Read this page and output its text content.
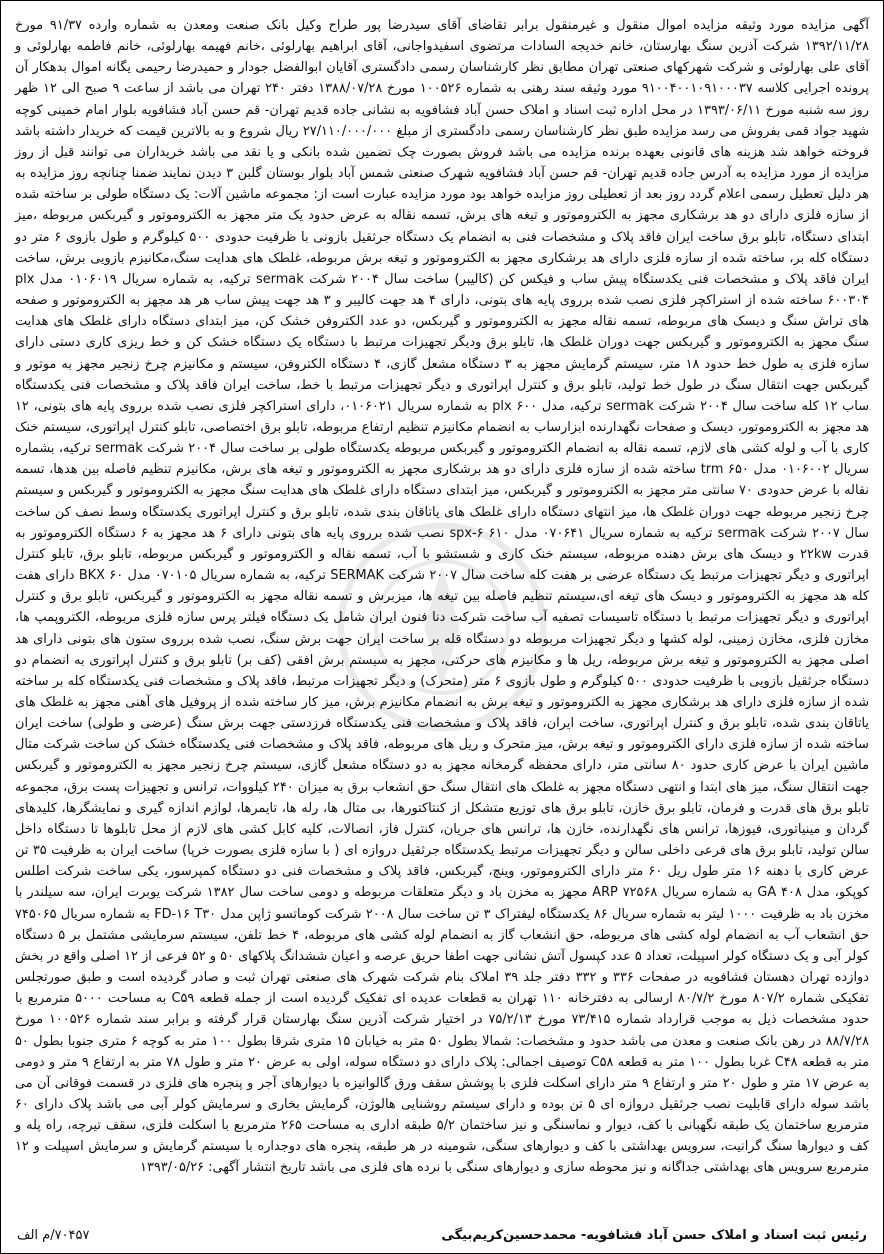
آگهی مزایده مورد وثیقه مزایده اموال منقول و غیرمنقول برابر تقاضای آقای سیدرضا پور طراح وکیل بانک صنعت ومعدن به شماره وارده ۹۱/۳۷ مورخ ۱۳۹۲/۱۱/۲۸ شرکت آذرین سنگ بهارستان، خانم خدیجه السادات مرتضوی اسفیدواجانی، آقای ابراهیم بهارلوئی ،خانم فهیمه بهارلوئی، خانم فاطمه بهارلوئی و آقای علی بهارلوئی و شرکت شهرکهای صنعتی تهران مطابق نظر کارشناسان رسمی دادگستری آقایان ابوالفضل جودار و حمیدرضا رحیمی یگانه اموال بدهکار آن پرونده اجرایی کلاسه ۹۱۰۰۴۰۰۱۰۹۱۰۰۰۳۷ مورد وثیقه سند رهنی به شماره ۱۰۰۵۲۶ مورخ ۱۳۸۸/۰۷/۲۸ دفتر ۲۴۰ تهران می باشد از ساعت ۹ صبح الی ۱۲ ظهر روز سه شنبه مورخ ۱۳۹۳/۰۶/۱۱ در محل اداره ثبت اسناد و املاک حسن آباد فشافویه به نشانی جاده قدیم تهران- قم حسن آباد فشافویه بلوار امام خمینی کوچه شهید جواد قمی بفروش می رسد مزایده طبق نظر کارشناسان رسمی دادگستری از مبلغ ۲۷/۱۱۰/۰۰۰/۰۰۰ ریال شروع و به بالاترین قیمت که خریدار داشته باشد فروخته خواهد شد هزینه های قانونی بعهده برنده مزایده می باشد فروش بصورت چک تضمین شده بانکی و یا نقد می باشد خریداران می توانند قبل از روز مزایده از مورد مزایده به آدرس جاده قدیم تهران- قم حسن آباد فشافویه شهرک صنعتی شمس آباد بلوار بوستان گلبن ۳ دیدن نمایند ضمنا چنانچه روز مزایده به هر دلیل تعطیل رسمی اعلام گردد روز بعد از تعطیلی روز مزایده خواهد بود مورد مزایده عبارت است از: مجموعه ماشین آلات: یک دستگاه طولی بر ساخته شده از سازه فلزی دارای دو هد برشکاری مجهز به الکتروموتور و تیغه های برش، تسمه نقاله به عرض حدود یک متر مجهز به الکتروموتور و گیربکس مربوطه ،میز ابتدای دستگاه، تابلو برق ساخت ایران فاقد پلاک و مشخصات فنی به انضمام یک دستگاه جرثقیل بازونی با ظرفیت حدودی ۵۰۰ کیلوگرم و طول بازوی ۶ متر دو دستگاه کله بر، ساخته شده از سازه فلزی دارای هد برشکاری مجهز به الکتروموتور و تیغه برش مربوطه، غلطک های هدایت سنگ،مکانیزم بازویی برش، ساخت ایران فاقد پلاک و مشخصات فنی یکدستگاه پیش ساب و فیکس کن (کالیبر) ساخت سال ۲۰۰۴ شرکت sermak ترکیه، به شماره سریال ۰۱۰۶۰۱۹ مدل plx ۶۰۰۳۰۴ ساخته شده از استراکچر فلزی نصب شده برروی پایه های بتونی، دارای ۴ هد جهت کالیبر و ۳ هد جهت پیش ساب هر هد مجهز به الکتروموتور و صفحه های تراش سنگ و دیسک های مربوطه، تسمه نقاله مجهز به الکتروموتور و گیربکس، دو عدد الکتروفن خشک کن، میز ابتدای دستگاه دارای غلطک های هدایت سنگ مجهز به الکتروموتور و گیربکس جهت دوران غلطک ها، تابلو برق ودیگر تجهیزات مرتبط با دستگاه یک دستگاه خشک کن و خط ریزی کاری دستی دارای سازه فلزی به طول خط حدود ۱۸ متر، سیستم گرمایش مجهز به ۳ دستگاه مشعل گازی، ۴ دستگاه الکتروفن، سیستم و مکانیزم چرخ زنجیر مجهز به موتور و گیربکس جهت انتقال سنگ در طول خط تولید، تابلو برق و کنترل اپراتوری و دیگر تجهیزات مرتبط با خط، ساخت ایران فاقد پلاک و مشخصات فنی یکدستگاه ساب ۱۲ کله ساخت سال ۲۰۰۴ شرکت sermak ترکیه، مدل plx ۶۰۰ به شماره سریال ۰۱۰۶۰۲۱، دارای استراکچر فلزی نصب شده برروی پایه های بتونی، ۱۲ هد مجهز به الکتروموتور، دیسک و صفحات نگهدارنده ابزارساب به انضمام مکانیزم تنظیم ارتفاع مربوطه، تابلو برق اختصاصی، تابلو کنترل اپراتوری، سیستم خنک کاری با آب و لوله کشی های لازم، تسمه نقاله به انضمام الکتروموتور و گیربکس مربوطه یکدستگاه طولی بر ساخت سال ۲۰۰۴ شرکت sermak ترکیه، بشماره سریال ۰۱۰۶۰۰۲ مدل trm ۶۵۰ ساخته شده از سازه فلزی دارای دو هد برشکاری مجهز به الکتروموتور و تیغه های برش، مکانیزم تنظیم فاصله بین هدها، تسمه نقاله با عرض حدودی ۷۰ سانتی متر مجهز به الکتروموتور و گیربکس، میز ابتدای دستگاه دارای غلطک های هدایت سنگ مجهز به الکتروموتور و گیربکس و سیستم چرخ زنجیر مربوطه جهت دوران غلطک ها، میز انتهای دستگاه دارای غلطک های یاتاقان بندی شده، تابلو برق و کنترل اپراتوری یکدستگاه وسط نصف کن ساخت سال ۲۰۰۷ شرکت sermak ترکیه به شماره سریال ۰۷۰۶۴۱ مدل spx-۶ ۶۱۰ نصب شده برروی پایه های بتونی دارای ۶ هد مجهز به ۶ دستگاه الکتروموتور به قدرت ۲۲kw و دیسک های برش دهنده مربوطه، سیستم خنک کاری و شستشو با آب، تسمه نقاله و الکتروموتور و گیربکس مربوطه، تابلو برق، تابلو کنترل اپراتوری و دیگر تجهیزات مرتبط یک دستگاه عرضی بر هفت کله ساخت سال ۲۰۰۷ شرکت SERMAK ترکیه، به شماره سریال ۰۷۰۱۰۵ مدل BKX ۶۰ دارای هفت کله هد مجهز به الکتروموتور و دیسک های تیغه ای،سیستم تنظیم فاصله بین تیغه ها، میزبرش و تسمه نقاله مجهز به الکتروموتور و گیربکس، تابلو برق و کنترل اپراتوری و دیگر تجهیزات مرتبط با دستگاه تاسیسات تصفیه آب ساخت شرکت دنا فنون ایران شامل یک دستگاه فیلتر پرس سازه فلزی مربوطه، الکتروپمپ ها، مخازن فلزی، مخازن زمینی، لوله کشها و دیگر تجهیزات مربوطه دو دستگاه قله بر ساخت ایران جهت برش سنگ، نصب شده برروی ستون های بتونی دارای هد اصلی مجهز به الکتروموتور و تیغه برش مربوطه، ریل ها و مکانیزم های حرکتی، مجهز به سیستم برش افقی (کف بر) تابلو برق و کنترل اپراتوری به انضمام دو دستگاه جرثقیل بازویی با ظرفیت حدودی ۵۰۰ کیلوگرم و طول بازوی ۶ متر (متحرک) و دیگر تجهیزات مرتبط، فاقد پلاک و مشخصات فنی یکدستگاه کله بر ساخته شده از سازه فلزی دارای هد برشکاری مجهز به الکتروموتور و تیغه برش به انضمام مکانیزم برش، میز کار ساخته شده از پروفیل های آهنی مجهز به غلطک های یاتاقان بندی شده، تابلو برق و کنترل اپراتوری، ساخت ایران، فاقد پلاک و مشخصات فنی یکدستگاه فرزدستی جهت برش سنگ (عرضی و طولی) ساخت ایران ساخته شده از سازه فلزی دارای الکتروموتور و تیغه برش، میز متحرک و ریل های مربوطه، فاقد پلاک و مشخصات فنی یکدستگاه خشک کن ساخت شرکت متال ماشین ایران با عرض کاری حدود ۸۰ سانتی متر، دارای محفظه گرمخانه مجهز به دو دستگاه مشعل گازی، سیستم چرخ زنجیر مجهز به الکتروموتور و گیربکس جهت انتقال سنگ، میز های ابتدا و انتهی دستگاه مجهز به غلطک های انتقال سنگ حق انشعاب برق به میزان ۲۴۰ کیلووات، ترانس و تجهیزات پست برق، مجموعه تابلو برق های قدرت و فرمان، تابلو برق خازن، تابلو برق های توزیع متشکل از کنتاکتورها، بی متال ها، رله ها، تایمرها، لوازم اندازه گیری و نمایشگرها، کلیدهای گردان و مینیاتوری، فیوزها، ترانس های نگهدارنده، خازن ها، ترانس های جریان، کنترل فاز، اتصالات، کلیه کابل کشی های لازم از محل تابلوها تا دستگاه داخل سالن تولید، تابلو برق های فرعی داخلی سالن و دیگر تجهیزات مرتبط یکدستگاه جرثقیل دروازه ای ( با سازه فلزی بصورت خرپا) ساخت ایران به ظرفیت ۳۵ تن عرض کاری با دهنه ۱۶ متر طول ریل ۶۰ متر دارای الکتروموتور، وینچ، گیربکس، فاقد پلاک و مشخصات فنی دو دستگاه کمپرسور، یکی ساخت شرکت اطلس کوپکو، مدل GA ۴۰۸ به شماره سریال ARP ۷۲۵۶۸ مجهز به مخزن باد و دیگر متعلقات مربوطه و دومی ساخت سال ۱۳۸۲ شرکت یوبرت ایران، سه سیلندر با مخزن باد به ظرفیت ۱۰۰۰ لیتر به شماره سریال ۸۶ یکدستگاه لیفتراک ۳ تن ساخت سال ۲۰۰۸ شرکت کوماتسو ژاپن مدل FD-۱۶ T۳۰ به شماره سریال ۷۴۵۰۶۵ حق انشعاب آب به انضمام لوله کشی های مربوطه، حق انشعاب گاز به انضمام لوله کشی های مربوطه، ۴ خط تلفن، سیستم سرمایشی مشتمل بر ۵ دستگاه کولر آبی و یک دستگاه کولر اسپیلت، تعداد ۵ عدد کپسول آتش نشانی جهت اطفا حریق عرصه و اعیان ششدانگ پلاکهای ۵۰ و ۵۲ فرعی از ۱۲ اصلی واقع در بخش دوازده تهران دهستان فشافویه در صفحات ۳۳۶ و ۳۳۲ دفتر جلد ۳۹ املاک بنام شرکت شهرک های صنعتی تهران ثبت و صادر گردیده است و طبق صورتجلس تفکیکی شماره ۸۰۷/۲ مورخ ۸۰/۷/۲ ارسالی به دفترخانه ۱۱۰ تهران به قطعات عدیده ای تفکیک گردیده است از جمله قطعه C۵۹ به مساحت ۵۰۰۰ مترمربع با حدود مشخصات ذیل به موجب قرارداد شماره ۷۳/۴۱۵ مورخ ۷۵/۲/۱۳ در اختیار شرکت آذرین سنگ بهارستان قرار گرفته و برابر سند شماره ۱۰۰۵۲۶ مورخ ۸۸/۷/۲۸ در رهن بانک صنعت و معدن می باشد حدود و مشخصات: شمالا بطول ۵۰ متر به خیابان ۱۵ متری شرقا بطول ۱۰۰ متر به کوچه ۶ متری جنوبا بطول ۵۰ متر به قطعه C۴۸ غربا بطول ۱۰۰ متر به قطعه C۵۸ توصیف اجمالی: پلاک دارای دو دستگاه سوله، اولی به عرض ۲۰ متر و طول ۷۸ متر به ارتفاع ۹ متر و دومی به عرض ۱۷ متر و طول ۲۰ متر و ارتفاع ۹ متر دارای اسکلت فلزی با پوشش سقف ورق گالوانیزه با دیوارهای آجر و پنجره های فلزی در قسمت فوقانی آن می باشد سوله دارای قابلیت نصب جرثقیل دروازه ای ۵ تن بوده و دارای سیستم روشنایی هالوژن، گرمایش بخاری و سرمایش کولر آبی می باشد پلاک دارای ۶۰ مترمربع ساختمان یک طبقه نگهبانی با کف، دیوار و نماسنگی و نیز ساختمان ۵/۲ طبقه اداری به مساحت ۲۶۵ مترمربع با اسکلت فلزی، سقف تیرچه، راه پله و کف و دیوارها سنگ گرانیت، سرویس بهداشتی با کف و دیوارهای سنگی، شومینه در هر طبقه، پنجره های دوجداره با سیستم گرمایش و سرمایش اسپیلت و ۱۲ مترمربع سرویس های بهداشتی جداگانه و نیز محوطه سازی و دیوارهای سنگی با نرده های فلزی می باشد تاریخ انتشار آگهی: ۱۳۹۳/۰۵/۲۶

رئیس ثبت اسناد و املاک حسن آباد فشافویه- محمدحسین‌کریم‌بیگی
۷۰۴۵۷/م الف
